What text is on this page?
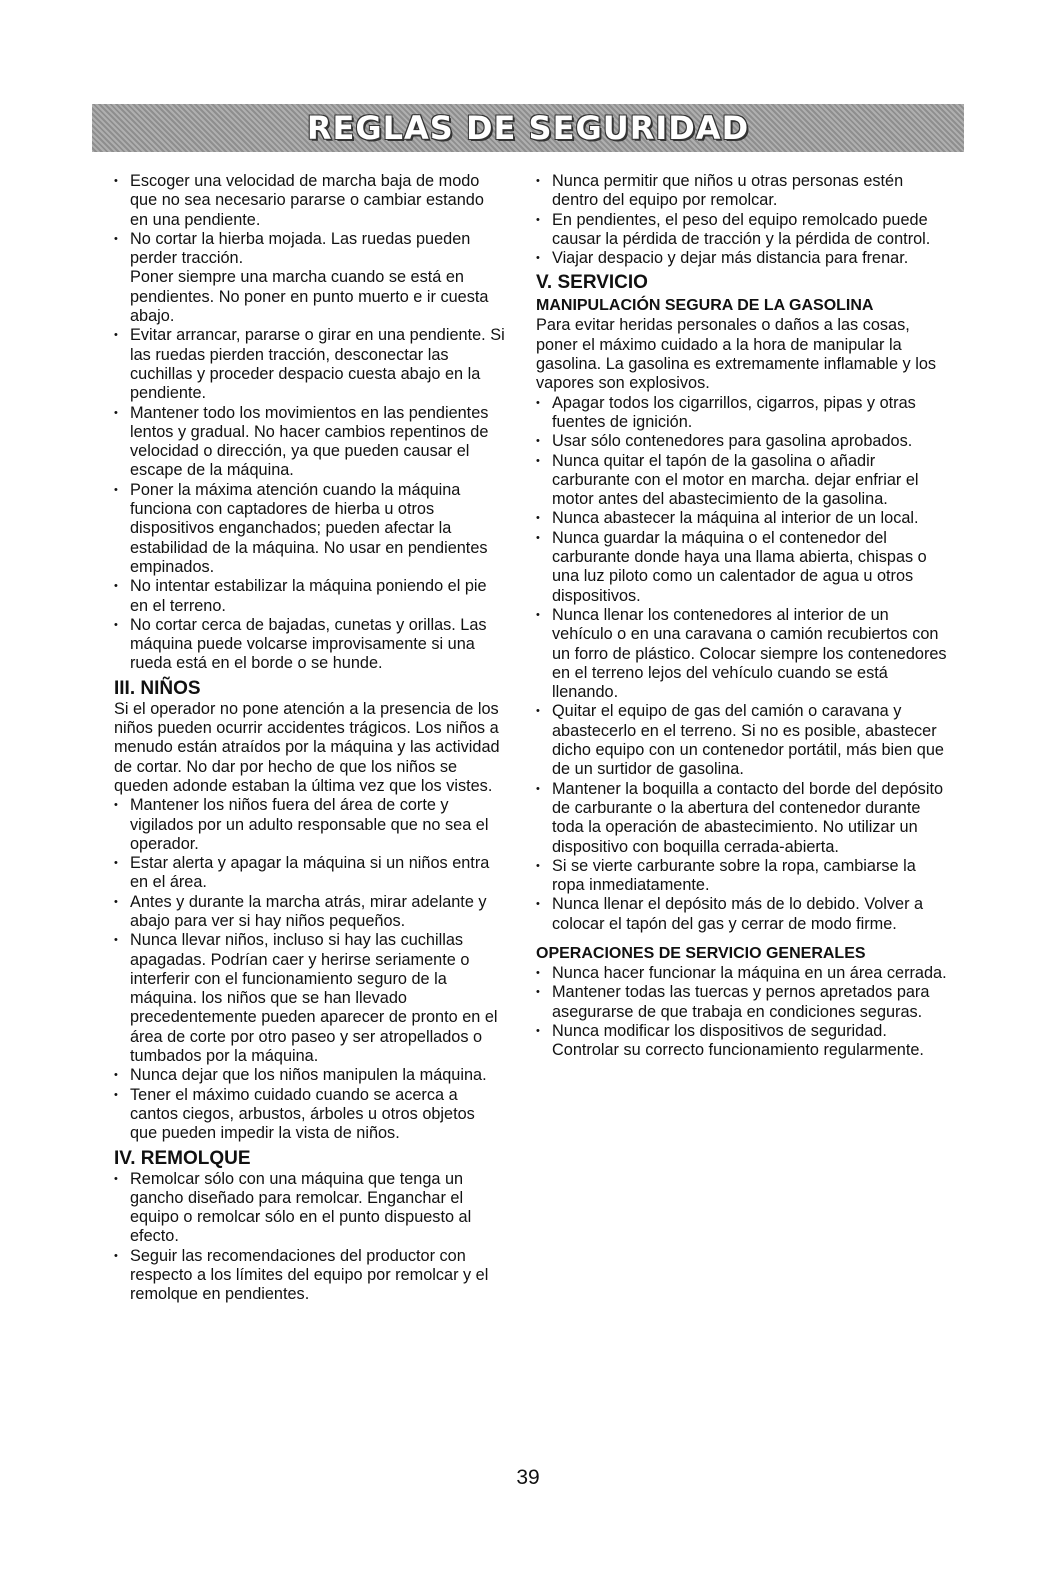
REGLAS DE SEGURIDAD
• Escoger una velocidad de marcha baja de modo que no sea necesario pararse o cambiar estando en una pendiente.
• No cortar la hierba mojada. Las ruedas pueden perder tracción.

Poner siempre una marcha cuando se está en pendientes. No poner en punto muerto e ir cuesta abajo.

• Evitar arrancar, pararse o girar en una pendiente. Si las ruedas pierden tracción, desconectar las cuchillas y proceder despacio cuesta abajo en la pendiente.
• Mantener todo los movimientos en las pendientes lentos y gradual. No hacer cambios repentinos de velocidad o dirección, ya que pueden causar el escape de la máquina.
• Poner la máxima atención cuando la máquina funciona con captadores de hierba u otros dispositivos enganchados; pueden afectar la estabilidad de la máquina. No usar en pendientes empinados.
• No intentar estabilizar la máquina poniendo el pie en el terreno.
• No cortar cerca de bajadas, cunetas y orillas. Las máquina puede volcarse improvisamente si una rueda está en el borde o se hunde.
III. NIÑOS

Si el operador no pone atención a la presencia de los niños pueden ocurrir accidentes trágicos. Los niños a menudo están atraídos por la máquina y las actividad de cortar. No dar por hecho de que los niños se queden adonde estaban la última vez que los vistes.

• Mantener los niños fuera del área de corte y vigilados por un adulto responsable que no sea el operador.
• Estar alerta y apagar la máquina si un niños entra en el área.
• Antes y durante la marcha atrás, mirar adelante y abajo para ver si hay niños pequeños.
• Nunca llevar niños, incluso si hay las cuchillas apagadas. Podrían caer y herirse seriamente o interferir con el funcionamiento seguro de la máquina. los niños que se han llevado precedentemente pueden aparecer de pronto en el área de corte por otro paseo y ser atropellados o tumbados por la máquina.
• Nunca dejar que los niños manipulen la máquina.
• Tener el máximo cuidado cuando se acerca a cantos ciegos, arbustos, árboles u otros objetos que pueden impedir la vista de niños.
IV. REMOLQUE
• Remolcar sólo con una máquina que tenga un gancho diseñado para remolcar. Enganchar el equipo o remolcar sólo en el punto dispuesto al efecto.
• Seguir las recomendaciones del productor con respecto a los límites del equipo por remolcar y el remolque en pendientes.
• Nunca permitir que niños u otras personas estén dentro del equipo por remolcar.
• En pendientes, el peso del equipo remolcado puede causar la pérdida de tracción y la pérdida de control.
• Viajar despacio y dejar más distancia para frenar.
V. SERVICIO
MANIPULACIÓN SEGURA DE LA GASOLINA

Para evitar heridas personales o daños a las cosas, poner el máximo cuidado a la hora de manipular la gasolina. La gasolina es extremamente inflamable y los vapores son explosivos.

• Apagar todos los cigarrillos, cigarros, pipas y otras fuentes de ignición.
• Usar sólo contenedores para gasolina aprobados.
• Nunca quitar el tapón de la gasolina o añadir carburante con el motor en marcha. dejar enfriar el motor antes del abastecimiento de la gasolina.
• Nunca abastecer la máquina al interior de un local.
• Nunca guardar la máquina o el contenedor del carburante donde haya una llama abierta, chispas o una luz piloto como un calentador de agua u otros dispositivos.
• Nunca llenar los contenedores al interior de un vehículo o en una caravana o camión recubiertos con un forro de plástico. Colocar siempre los contenedores en el terreno lejos del vehículo cuando se está llenando.
• Quitar el equipo de gas del camión o caravana y abastecerlo en el terreno. Si no es posible, abastecer dicho equipo con un contenedor portátil, más bien que de un surtidor de gasolina.
• Mantener la boquilla a contacto del borde del depósito de carburante o la abertura del contenedor durante toda la operación de abastecimiento. No utilizar un dispositivo con boquilla cerrada-abierta.
• Si se vierte carburante sobre la ropa, cambiarse la ropa inmediatamente.
• Nunca llenar el depósito más de lo debido. Volver a colocar el tapón del gas y cerrar de modo firme.
OPERACIONES DE SERVICIO GENERALES
• Nunca hacer funcionar la máquina en un área cerrada.
• Mantener todas las tuercas y pernos apretados para asegurarse de que trabaja en condiciones seguras.
• Nunca modificar los dispositivos de seguridad. Controlar su correcto funcionamiento regularmente.
39
